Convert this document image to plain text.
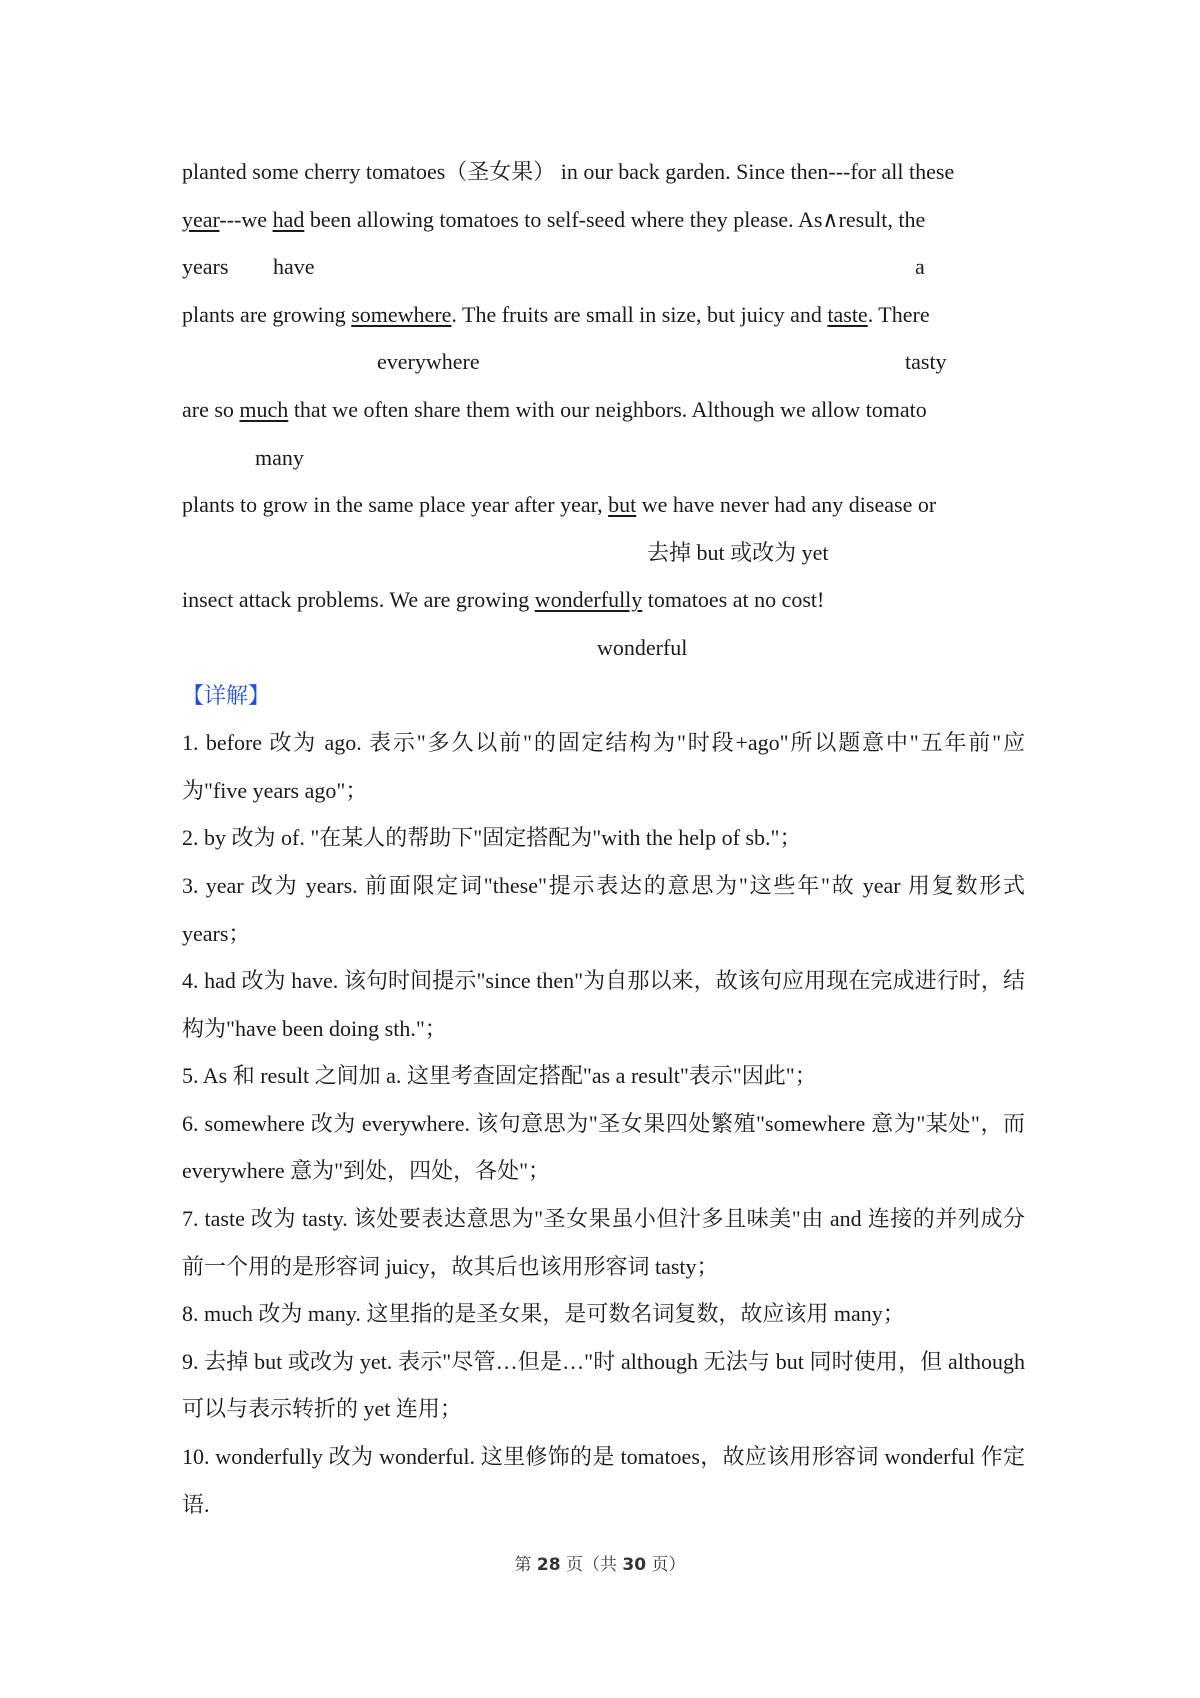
planted some cherry tomatoes（圣女果） in our back garden. Since then---for all these
year---we had been allowing tomatoes to self-seed where they please. As∧result, the
years have	a
plants are growing somewhere. The fruits are small in size, but juicy and taste. There
everywhere	tasty
are so much that we often share them with our neighbors. Although we allow tomato
many
plants to grow in the same place year after year, but we have never had any disease or
去掉 but 或改为 yet
insect attack problems. We are growing wonderfully tomatoes at no cost!
wonderful
【详解】
1. before 改为 ago. 表示"多久以前"的固定结构为"时段+ago"所以题意中"五年前"应为"five years ago"；
2. by 改为 of. "在某人的帮助下"固定搭配为"with the help of sb."；
3. year 改为 years. 前面限定词"these"提示表达的意思为"这些年"故 year 用复数形式 years；
4. had 改为 have. 该句时间提示"since then"为自那以来，故该句应用现在完成进行时，结构为"have been doing sth."；
5. As 和 result 之间加 a. 这里考查固定搭配"as a result"表示"因此"；
6. somewhere 改为 everywhere. 该句意思为"圣女果四处繁殖"somewhere 意为"某处"，而 everywhere 意为"到处，四处，各处"；
7. taste 改为 tasty. 该处要表达意思为"圣女果虽小但汁多且味美"由 and 连接的并列成分前一个用的是形容词 juicy，故其后也该用形容词 tasty；
8. much 改为 many. 这里指的是圣女果，是可数名词复数，故应该用 many；
9. 去掉 but 或改为 yet. 表示"尽管…但是…"时 although 无法与 but 同时使用，但 although 可以与表示转折的 yet 连用；
10. wonderfully 改为 wonderful. 这里修饰的是 tomatoes，故应该用形容词 wonderful 作定语.
第 28 页（共 30 页）
